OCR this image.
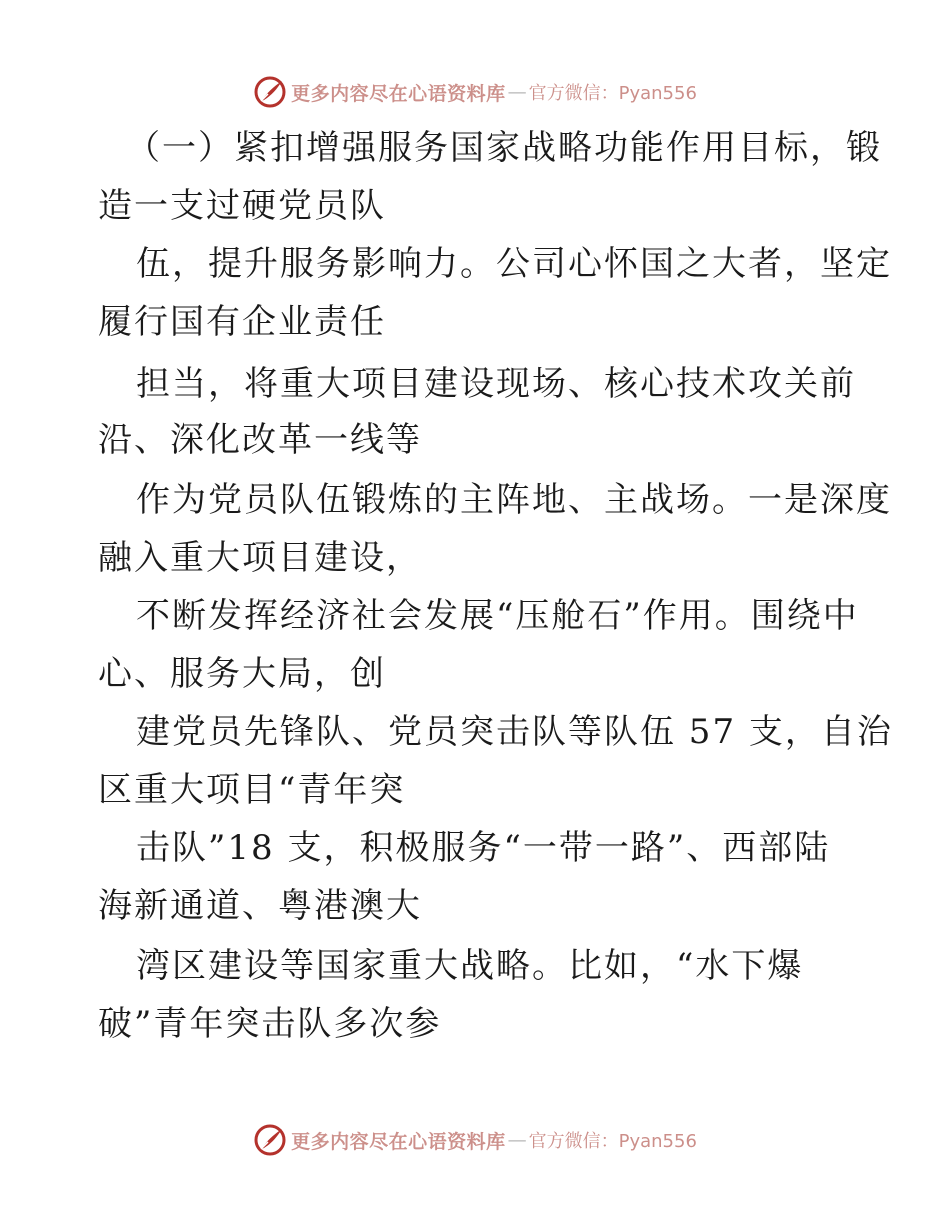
更多内容尽在心语资料库 — 官方微信：Pyan556
（一）紧扣增强服务国家战略功能作用目标，锻
造一支过硬党员队
伍，提升服务影响力。公司心怀国之大者，坚定
履行国有企业责任
担当，将重大项目建设现场、核心技术攻关前
沿、深化改革一线等
作为党员队伍锻炼的主阵地、主战场。一是深度
融入重大项目建设，
不断发挥经济社会发展“压舱石”作用。围绕中
心、服务大局，创
建党员先锋队、党员突击队等队伍 57 支，自治
区重大项目“青年突
击队”18 支，积极服务“一带一路”、西部陆
海新通道、粤港澳大
湾区建设等国家重大战略。比如，“水下爆
破”青年突击队多次参
更多内容尽在心语资料库 — 官方微信：Pyan556
